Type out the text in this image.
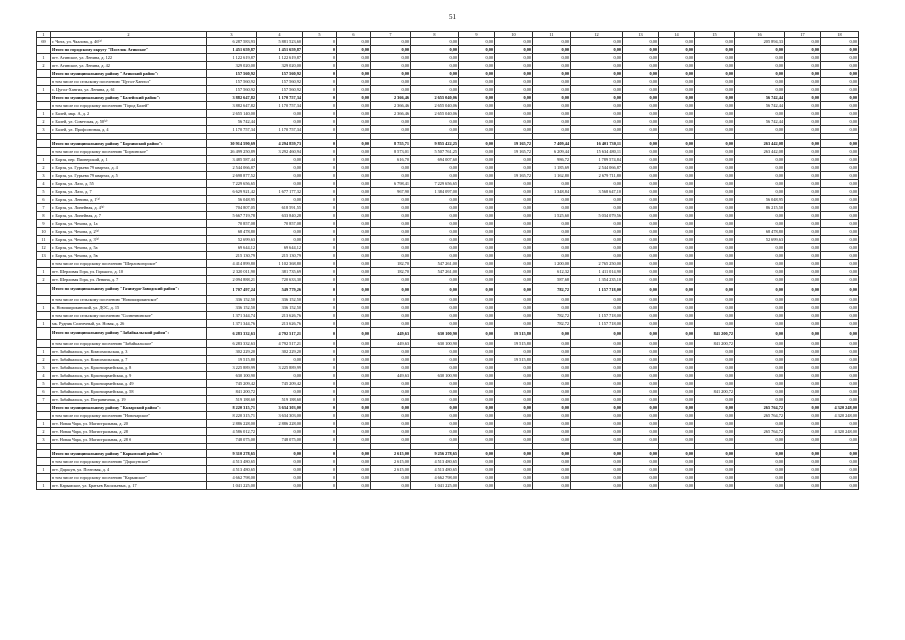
51
1	2	3	4	5	6	7	8	9	10	11	12	13	14	15	16	17	18
69	г. Чита, ул. Чкалова, д. 46⁽²⁾	6 287 583,93	5 881 523,60	0	0,00	0,00	0,00	0,00	0,00	0,00	0,00	0,00	0,00	0,00	205 894,33	0,00	0,00
	Итого по городскому округу "Поселок Агинское"	1 451 659,87	1 451 659,87	0	0,00	0,00	0,00	0,00	0,00	0,00	0,00	0,00	0,00	0,00	0,00	0,00	0,00
1	пгт. Агинское, ул. Ленина, д. 122	1 122 619,87	1 122 619,87	0	0,00	0,00	0,00	0,00	0,00	0,00	0,00	0,00	0,00	0,00	0,00	0,00	0,00
2	пгт. Агинское, ул. Ленина, д. 42	329 020,00	329 020,00	0	0,00	0,00	0,00	0,00	0,00	0,00	0,00	0,00	0,00	0,00	0,00	0,00	0,00
	Итого по муниципальному району "Агинский район":	157 560,92	157 560,92	0	0,00	0,00	0,00	0,00	0,00	0,00	0,00	0,00	0,00	0,00	0,00	0,00	0,00
	в том числе по сельскому поселению "Цугол-Хангил"	157 560,92	157 560,92	0	0,00	0,00	0,00	0,00	0,00	0,00	0,00	0,00	0,00	0,00	0,00	0,00	0,00
1	с. Цугол-Хангил, ул. Ленина, д. 61	157 560,92	157 560,92	0	0,00	0,00	0,00	0,00	0,00	0,00	0,00	0,00	0,00	0,00	0,00	0,00	0,00
	Итого по муниципальному району "Балейский район":	3 882 647,82	1 170 757,34	0	0,00	2 366,46	2 655 040,06	0,00	0,00	0,00	0,00	0,00	0,00	0,00	56 742,44	0,00	0,00
	в том числе по городскому поселению "Город Балей"	3 882 647,82	1 170 757,34	0	0,00	2 366,46	2 655 040,06	0,00	0,00	0,00	0,00	0,00	0,00	0,00	56 742,44	0,00	0,00
1	г. Балей, мкр. А, д. 2	2 655 140,00	0,00	0	0,00	2 366,46	2 655 040,06	0,00	0,00	0,00	0,00	0,00	0,00	0,00	0,00	0,00	0,00
2	г. Балей, ул. Советская, д. 50⁽²⁾	56 742,44	0,00	0	0,00	0,00	0,00	0,00	0,00	0,00	0,00	0,00	0,00	0,00	56 742,44	0,00	0,00
3	г. Балей, ул. Профсоюзная, д. 4	1 170 757,34	1 170 757,34	0	0,00	0,00	0,00	0,00	0,00	0,00	0,00	0,00	0,00	0,00	0,00	0,00	0,00

	Итого по муниципальному району "Борзинский район":	30 914 590,69	4 294 859,73	0	0,00	8 755,71	9 855 422,25	0,00	19 165,72	7 409,44	16 401 730,11	0,00	0,00	0,00	263 442,08	0,00	0,00
	в том числе по городскому поселению "Борзинское"	26 499 250,89	3 292 460,94	0	0,00	8 573,01	5 507 761,25	0,00	19 165,72	6 209,44	15 634 480,11	0,00	0,00	0,00	263 442,08	0,00	0,00
1	г. Борзя, пер. Пионерский, д. 1	3 485 587,44	0,00	0	0,00	616,70	694 007,60	0,00	0,00	986,72	1 789 574,84	0,00	0,00	0,00	0,00	0,00	0,00
2	г. Борзя, ул. Гурьева 79 квартал, д. 4	2 544 066,87	0,00	0	0,00	0,00	0,00	0,00	0,00	1 185,69	2 544 066,87	0,00	0,00	0,00	0,00	0,00	0,00
3	г. Борзя, ул. Гурьева 79 квартал, д. 5	2 698 877,52	0,00	0	0,00	0,00	0,00	0,00	19 165,72	1 162,80	2 679 711,80	0,00	0,00	0,00	0,00	0,00	0,00
4	г. Борзя, ул. Лазо, д. 55	7 229 656,65	0,00	0	0,00	6 798,41	7 229 656,65	0,00	0,00	0,00	0,00	0,00	0,00	0,00	0,00	0,00	0,00
5	г. Борзя, ул. Лазо, д. 7	6 629 921,42	1 677 177,32	0	0,00	967,90	1 384 097,00	0,00	0,00	1 348,84	3 568 647,10	0,00	0,00	0,00	0,00	0,00	0,00
6	г. Борзя, ул. Ленина, д. 1⁽²⁾	56 048,95	0,00	0	0,00	0,00	0,00	0,00	0,00	0,00	0,00	0,00	0,00	0,00	56 048,95	0,00	0,00
7	г. Борзя, ул. Линейная, д. 4⁽²⁾	704 807,05	618 591,55	0	0,00	0,00	0,00	0,00	0,00	0,00	0,00	0,00	0,00	0,00	86 215,50	0,00	0,00
8	г. Борзя, ул. Линейная, д. 7	5 667 719,78	633 840,28	0	0,00	0,00	0,00	0,00	0,00	1 525,60	5 034 079,56	0,00	0,00	0,00	0,00	0,00	0,00
9	г. Борзя, ул. Чехова, д. 1а	70 857,08	70 857,08	0	0,00	0,00	0,00	0,00	0,00	0,00	0,00	0,00	0,00	0,00	0,00	0,00	0,00
10	г. Борзя, ул. Чехова, д. 2⁽²⁾	68 478,80	0,00	0	0,00	0,00	0,00	0,00	0,00	0,00	0,00	0,00	0,00	0,00	68 478,80	0,00	0,00
11	г. Борзя, ул. Чехова, д. 3⁽²⁾	52 699,63	0,00	0	0,00	0,00	0,00	0,00	0,00	0,00	0,00	0,00	0,00	0,00	52 699,63	0,00	0,00
12	г. Борзя, ул. Чехова, д. 5а	69 644,12	69 644,12	0	0,00	0,00	0,00	0,00	0,00	0,00	0,00	0,00	0,00	0,00	0,00	0,00	0,00
13	г. Борзя, ул. Чехова, д. 5в	215 130,79	215 130,79	0	0,00	0,00	0,00	0,00	0,00	0,00	0,00	0,00	0,00	0,00	0,00	0,00	0,00
	в том числе по городскому поселению "Шерловогорское"	4 414 899,80	1 102 368,80	0	0,00	182,70	547 261,00	0,00	0,00	1 200,00	2 765 250,00	0,00	0,00	0,00	0,00	0,00	0,00
1	пгт. Шерловая Гора, ул. Горького, д. 10	2 320 011,90	381 735,69	0	0,00	182,70	547 261,00	0,00	0,00	612,32	1 411 014,90	0,00	0,00	0,00	0,00	0,00	0,00
2	пгт. Шерловая Гора, ул. Ленина, д. 7	2 094 888,21	720 633,30	0	0,00	0,00	0,00	0,00	0,00	587,68	1 354 235,10	0,00	0,00	0,00	0,00	0,00	0,00
	Итого по муниципальному району "Газимуро-Заводский район":	1 707 497,24	549 779,26	0	0,00	0,00	0,00	0,00	0,00	782,72	1 157 718,00	0,00	0,00	0,00	0,00	0,00	0,00
	в том числе по сельскому поселению "Новоширокинское"	336 152,50	336 152,50	0	0,00	0,00	0,00	0,00	0,00	0,00	0,00	0,00	0,00	0,00	0,00	0,00	0,00
1	п. Новоширокинский, ул. ДОС, д. 15	336 152,50	336 152,50	0	0,00	0,00	0,00	0,00	0,00	0,00	0,00	0,00	0,00	0,00	0,00	0,00	0,00
	в том числе по сельскому поселению "Солнечнинское"	1 371 344,74	213 626,76	0	0,00	0,00	0,00	0,00	0,00	782,72	1 157 718,00	0,00	0,00	0,00	0,00	0,00	0,00
1	мк. Рудник Солнечный, ул. Новая, д. 26	1 371 344,76	213 626,76	0	0,00	0,00	0,00	0,00	0,00	782,72	1 157 718,00	0,00	0,00	0,00	0,00	0,00	0,00
	Итого по муниципальному району "Забайкальский район":	6 283 332,63	4 792 517,21	0	0,00	449,63	630 100,90	0,00	19 515,80	0,00	0,00	0,00	0,00	841 200,72	0,00	0,00	0,00
	в том числе по городскому поселению "Забайкальское"	6 283 332,63	4 792 517,21	0	0,00	449,63	630 100,90	0,00	19 515,80	0,00	0,00	0,00	0,00	841 200,72	0,00	0,00	0,00
1	пгт. Забайкальск, ул. Комсомольская, д. 3	302 229,20	302 229,20	0	0,00	0,00	0,00	0,00	0,00	0,00	0,00	0,00	0,00	0,00	0,00	0,00	0,00
2	пгт. Забайкальск, ул. Комсомольская, д. 7	19 515,80	0,00	0	0,00	0,00	0,00	0,00	19 515,80	0,00	0,00	0,00	0,00	0,00	0,00	0,00	0,00
3	пгт. Забайкальск, ул. Красноармейская, д. 8	3 225 889,99	3 225 889,99	0	0,00	0,00	0,00	0,00	0,00	0,00	0,00	0,00	0,00	0,00	0,00	0,00	0,00
4	пгт. Забайкальск, ул. Красноармейская, д. 9	630 100,90	0,00	0	0,00	449,63	630 100,90	0,00	0,00	0,00	0,00	0,00	0,00	0,00	0,00	0,00	0,00
5	пгт. Забайкальск, ул. Красноармейская, д. 49	745 209,42	745 209,42	0	0,00	0,00	0,00	0,00	0,00	0,00	0,00	0,00	0,00	0,00	0,00	0,00	0,00
6	пгт. Забайкальск, ул. Красноармейская, д. 58	841 200,72	0,00	0	0,00	0,00	0,00	0,00	0,00	0,00	0,00	0,00	0,00	841 200,72	0,00	0,00	0,00
7	пгт. Забайкальск, ул. Пограничная, д. 19	519 188,60	519 188,60	0	0,00	0,00	0,00	0,00	0,00	0,00	0,00	0,00	0,00	0,00	0,00	0,00	0,00
	Итого по муниципальному району "Каларский район":	8 220 315,71	3 634 303,00	0	0,00	0,00	0,00	0,00	0,00	0,00	0,00	0,00	0,00	0,00	265 764,72	0,00	4 320 248,00
	в том числе по городскому поселению "Новочарское"	8 220 315,71	3 634 303,00	0	0,00	0,00	0,00	0,00	0,00	0,00	0,00	0,00	0,00	0,00	265 764,72	0,00	4 320 248,00
1	пгт. Новая Чара, ул. Магистральная, д. 20	2 886 228,00	2 886 228,00	0	0,00	0,00	0,00	0,00	0,00	0,00	0,00	0,00	0,00	0,00	0,00	0,00	0,00
2	пгт. Новая Чара, ул. Магистральная, д. 28	4 586 012,72	0,00	0	0,00	0,00	0,00	0,00	0,00	0,00	0,00	0,00	0,00	0,00	265 764,72	0,00	4 320 248,00
3	пгт. Новая Чара, ул. Магистральная, д. 28 б	748 075,00	748 075,00	0	0,00	0,00	0,00	0,00	0,00	0,00	0,00	0,00	0,00	0,00	0,00	0,00	0,00

	Итого по муниципальному району "Карымский район":	9 310 278,65	0,00	0	0,00	2 615,00	9 256 278,65	0,00	0,00	0,00	0,00	0,00	0,00	0,00	0,00	0,00	0,00
	в том числе по городскому поселению "Дарасунское"	4 513 480,65	0,00	0	0,00	2 615,00	4 513 480,65	0,00	0,00	0,00	0,00	0,00	0,00	0,00	0,00	0,00	0,00
1	пгт. Дарасун, ул. Почтовая, д. 4	4 513 480,65	0,00	0	0,00	2 615,00	4 513 480,65	0,00	0,00	0,00	0,00	0,00	0,00	0,00	0,00	0,00	0,00
	в том числе по городскому поселению "Карымское"	4 662 798,00	0,00	0	0,00	0,00	4 662 798,00	0,00	0,00	0,00	0,00	0,00	0,00	0,00	0,00	0,00	0,00
1	пгт. Карымское, ул. Братьев Васильевых, д. 17	1 041 225,00	0,00	0	0,00	0,00	1 041 225,00	0,00	0,00	0,00	0,00	0,00	0,00	0,00	0,00	0,00	0,00
